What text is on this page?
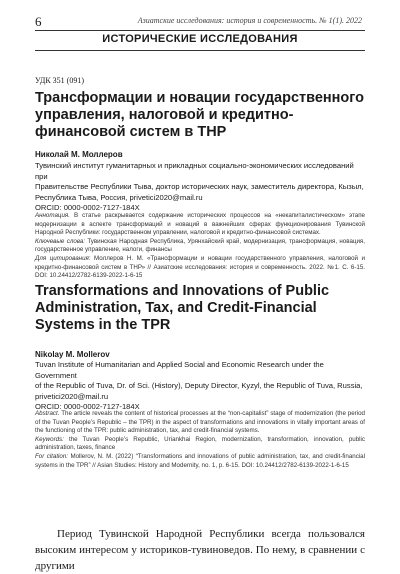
6	Азиатские исследования: история и современность. № 1(1). 2022
ИСТОРИЧЕСКИЕ ИССЛЕДОВАНИЯ
УДК 351 (091)
Трансформации и новации государственного управления, налоговой и кредитно-финансовой систем в ТНР
Николай М. Моллеров
Тувинский институт гуманитарных и прикладных социально-экономических исследований при
Правительстве Республики Тыва, доктор исторических наук, заместитель директора, Кызыл,
Республика Тыва, Россия, privetici2020@mail.ru
ORCID: 0000-0002-7127-184X
Аннотация. В статье раскрывается содержание исторических процессов на «некапиталистическом» этапе модернизации в аспекте трансформаций и новаций в важнейших сферах функционирования Тувинской Народной Республики: государственном управлении, налоговой и кредитно-финансовой системах.
Ключевые слова: Тувинская Народная Республика, Урянхайский край, модернизация, трансформация, новация, государственное управление, налоги, финансы
Для цитирования: Моллеров Н. М. «Трансформации и новации государственного управления, налоговой и кредитно-финансовой систем в ТНР» // Азиатские исследования: история и современность. 2022. №1. С. 6-15. DOI: 10.24412/2782-6139-2022-1-6-15
Transformations and Innovations of Public Administration, Tax, and Credit-Financial Systems in the TPR
Nikolay M. Mollerov
Tuvan Institute of Humanitarian and Applied Social and Economic Research under the Government
of the Republic of Tuva, Dr. of Sci. (History), Deputy Director, Kyzyl, the Republic of Tuva, Russia,
privetici2020@mail.ru
ORCID: 0000-0002-7127-184X
Abstract. The article reveals the content of historical processes at the “non-capitalist” stage of modernization (the period of the Tuvan People’s Republic – the TPR) in the aspect of transformations and innovations in vitally important areas of the functioning of the TPR: public administration, tax, and credit-financial systems.
Keywords: the Tuvan People’s Republic, Uriankhai Region, modernization, transformation, innovation, public administration, taxes, finance
For citation: Mollerov, N. M. (2022) “Transformations and innovations of public administration, tax, and credit-financial systems in the TPR” // Asian Studies: History and Modernity, no. 1, p. 6-15. DOI: 10.24412/2782-6139-2022-1-6-15

Период Тувинской Народной Республики всегда пользовался высоким интересом у историков-тувиноведов. По нему, в сравнении с другими
